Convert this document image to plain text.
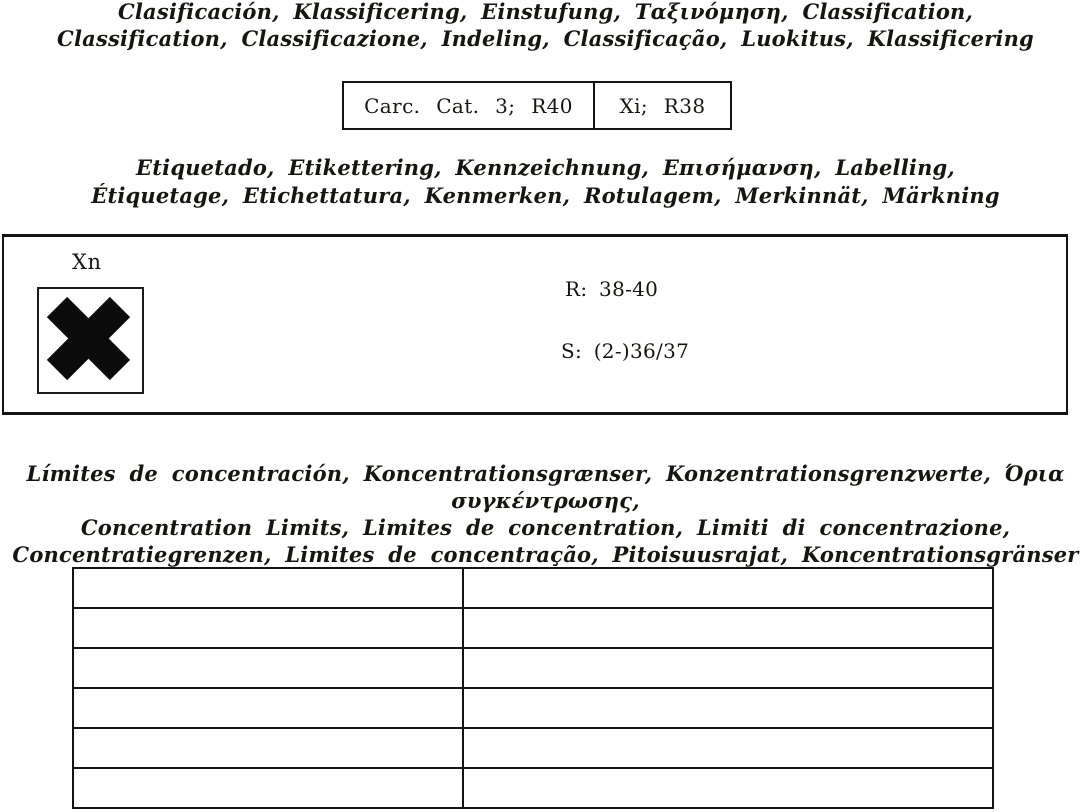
Clasificación, Klassificering, Einstufung, Ταξινόμηση, Classification,
Classification, Classificazione, Indeling, Classificação, Luokitus, Klassificering
Carc. Cat. 3; R40	Xi; R38
Etiquetado, Etikettering, Kennzeichnung, Επισήμανση, Labelling,
Étiquetage, Etichettatura, Kenmerken, Rotulagem, Merkinnät, Märkning
Xn
R: 38-40
S: (2-)36/37
Límites de concentración, Koncentrationsgrænser, Konzentrationsgrenzwerte, Όρια συγκέντρωσης,
Concentration Limits, Limites de concentration, Limiti di concentrazione,
Concentratiegrenzen, Limites de concentração, Pitoisuusrajat, Koncentrationsgränser
